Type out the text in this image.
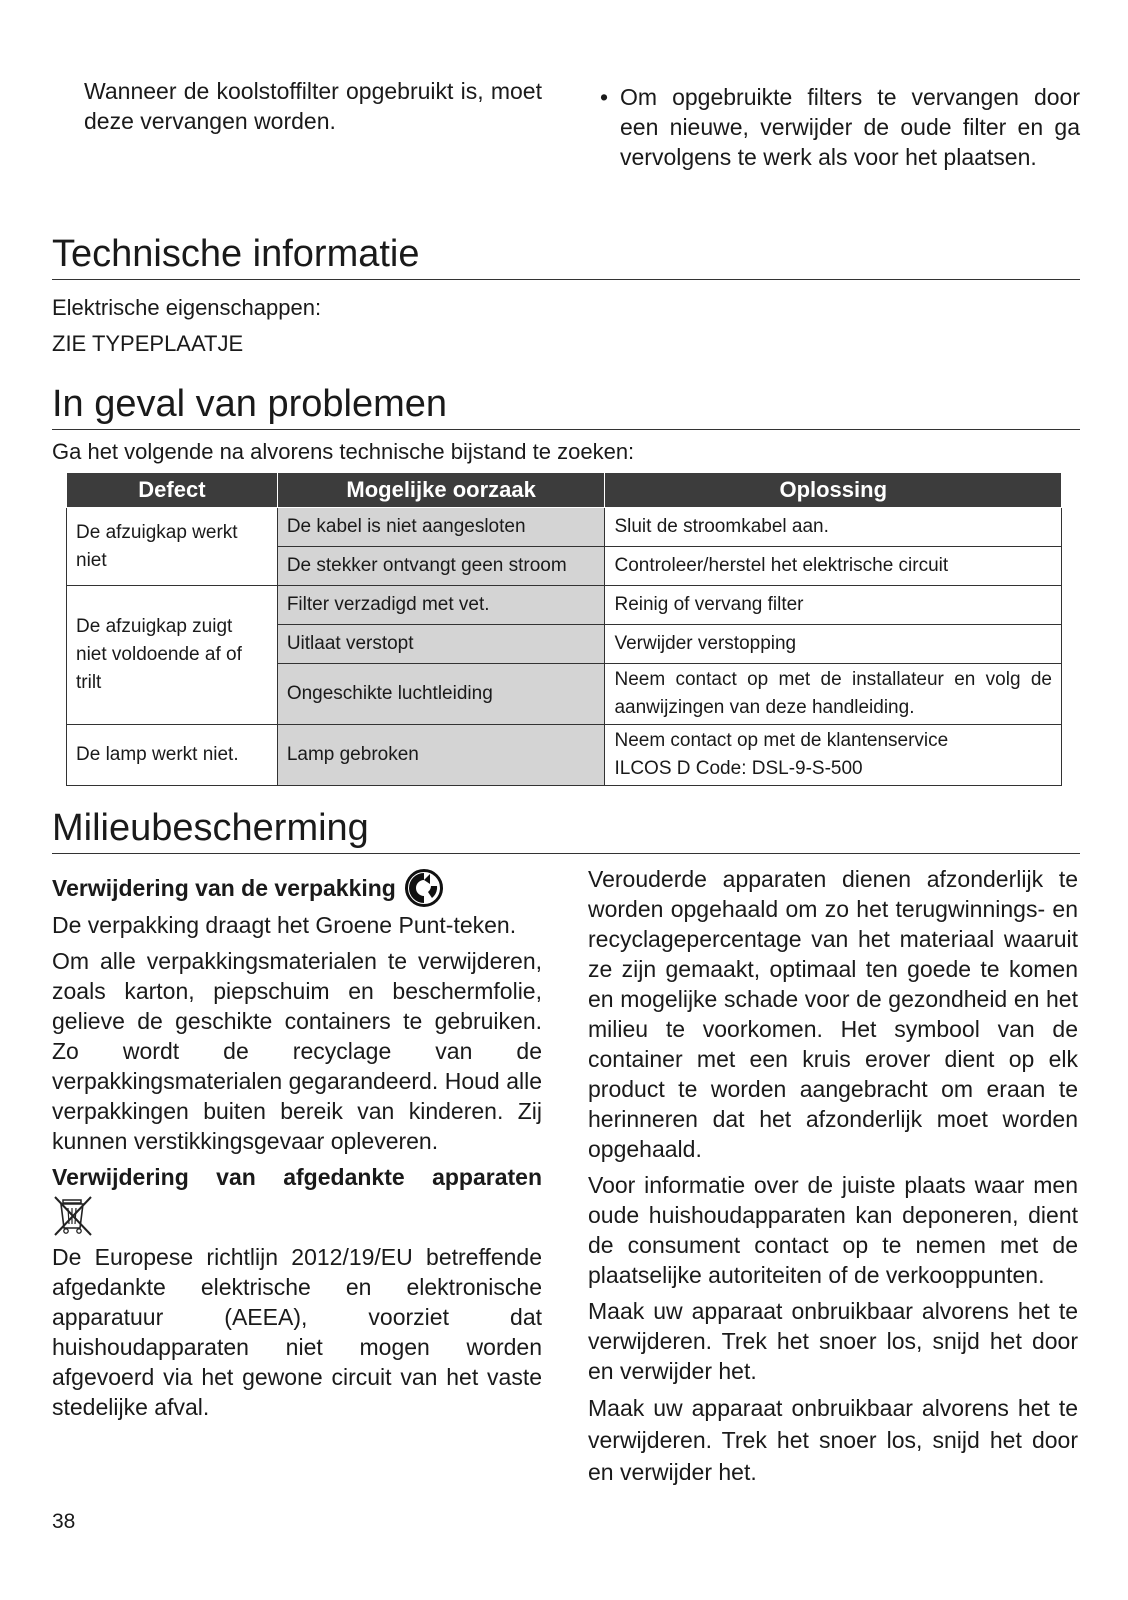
Wanneer de koolstoffilter opgebruikt is, moet deze vervangen worden.
• Om opgebruikte filters te vervangen door een nieuwe, verwijder de oude filter en ga vervolgens te werk als voor het plaatsen.
Technische informatie
Elektrische eigenschappen:
ZIE TYPEPLAATJE
In geval van problemen
Ga het volgende na alvorens technische bijstand te zoeken:
Defect	Mogelijke oorzaak	Oplossing
De afzuigkap werkt niet	De kabel is niet aangesloten	Sluit de stroomkabel aan.
	De stekker ontvangt geen stroom	Controleer/herstel het elektrische circuit
De afzuigkap zuigt niet voldoende af of trilt	Filter verzadigd met vet.	Reinig of vervang filter
	Uitlaat verstopt	Verwijder verstopping
	Ongeschikte luchtleiding	Neem contact op met de installateur en volg de aanwijzingen van deze handleiding.
De lamp werkt niet.	Lamp gebroken	Neem contact op met de klantenservice
ILCOS D Code: DSL-9-S-500
Milieubescherming
Verwijdering van de verpakking

De verpakking draagt het Groene Punt-teken.

Om alle verpakkingsmaterialen te verwijderen, zoals karton, piepschuim en beschermfolie, gelieve de geschikte containers te gebruiken. Zo wordt de recyclage van de verpakkingsmaterialen gegarandeerd. Houd alle verpakkingen buiten bereik van kinderen. Zij kunnen verstikkingsgevaar opleveren.

Verwijdering van afgedankte apparaten

De Europese richtlijn 2012/19/EU betreffende afgedankte elektrische en elektronische apparatuur (AEEA), voorziet dat huishoudapparaten niet mogen worden afgevoerd via het gewone circuit van het vaste stedelijke afval.

Verouderde apparaten dienen afzonderlijk te worden opgehaald om zo het terugwinnings- en recyclagepercentage van het materiaal waaruit ze zijn gemaakt, optimaal ten goede te komen en mogelijke schade voor de gezondheid en het milieu te voorkomen. Het symbool van de container met een kruis erover dient op elk product te worden aangebracht om eraan te herinneren dat het afzonderlijk moet worden opgehaald.

Voor informatie over de juiste plaats waar men oude huishoudapparaten kan deponeren, dient de consument contact op te nemen met de plaatselijke autoriteiten of de verkooppunten.

Maak uw apparaat onbruikbaar alvorens het te verwijderen. Trek het snoer los, snijd het door en verwijder het.

Maak uw apparaat onbruikbaar alvorens het te verwijderen. Trek het snoer los, snijd het door en verwijder het.

38
